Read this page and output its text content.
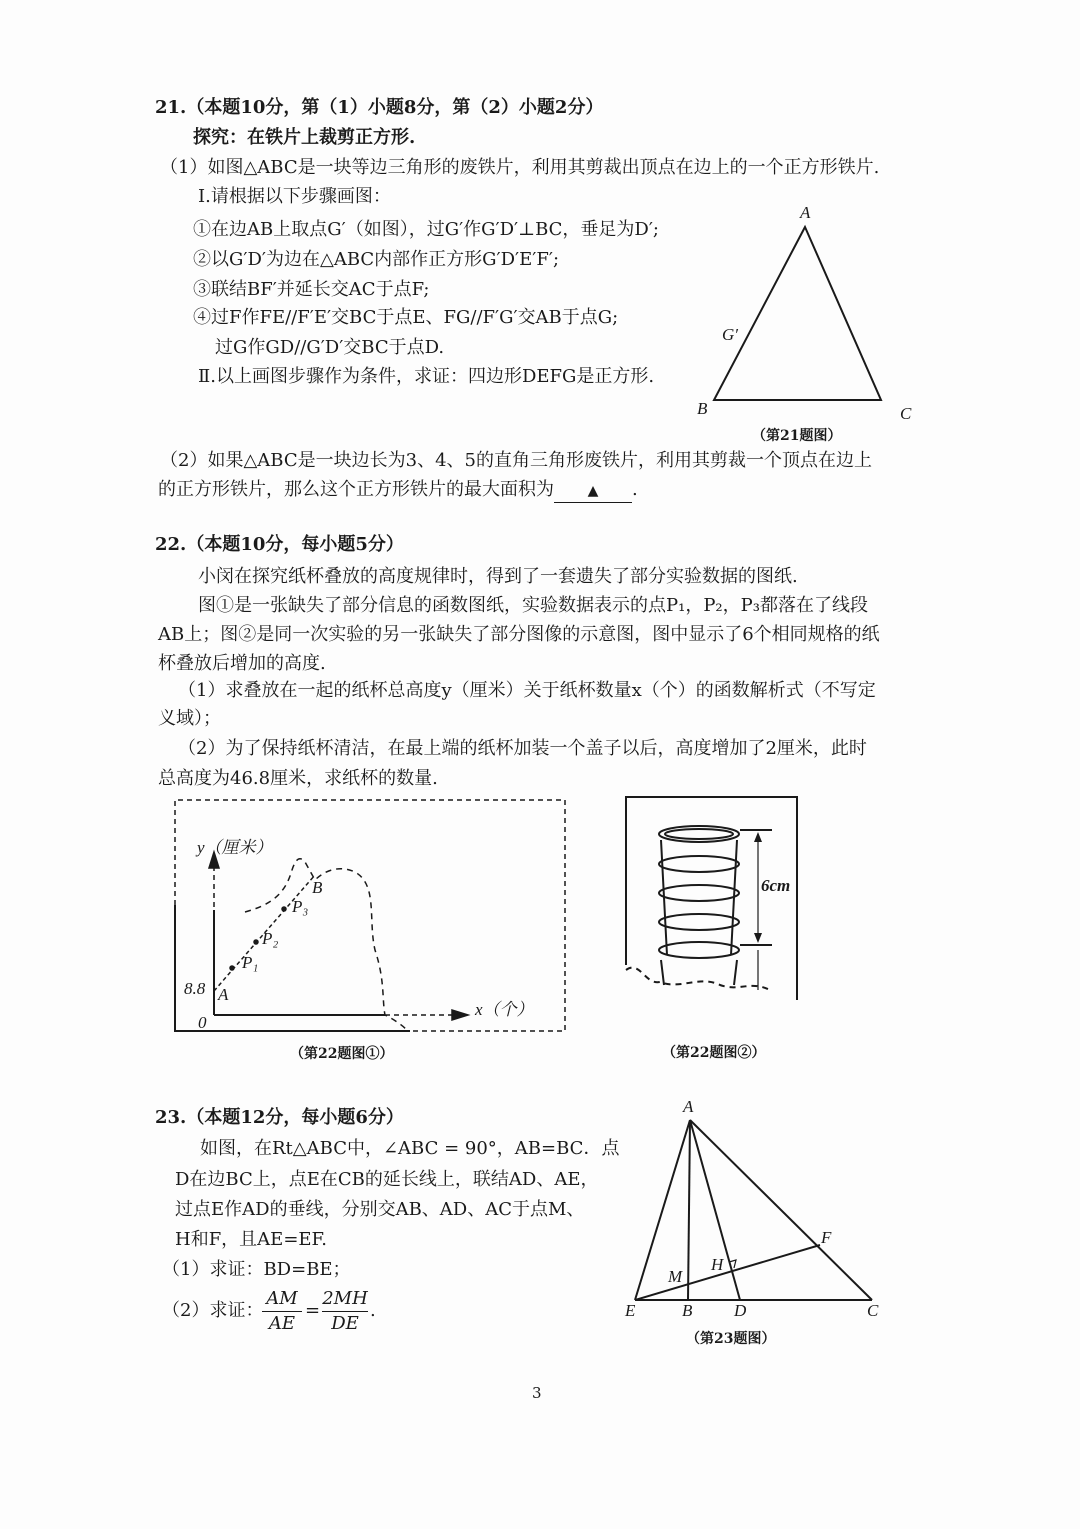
21.（本题10分，第（1）小题8分，第（2）小题2分）
探究：在铁片上裁剪正方形.
（1）如图△ABC是一块等边三角形的废铁片，利用其剪裁出顶点在边上的一个正方形铁片.
Ⅰ.请根据以下步骤画图：
①在边AB上取点G′（如图），过G′作G′D′⊥BC，垂足为D′;
②以G′D′为边在△ABC内部作正方形G′D′E′F′;
③联结BF′并延长交AC于点F;
④过F作FE//F′E′交BC于点E、FG//F′G′交AB于点G;
过G作GD//G′D′交BC于点D.
Ⅱ.以上画图步骤作为条件，求证：四边形DEFG是正方形.
（第21题图）
（2）如果△ABC是一块边长为3、4、5的直角三角形废铁片，利用其剪裁一个顶点在边上
的正方形铁片，那么这个正方形铁片的最大面积为 ▲ .
22.（本题10分，每小题5分）
小闵在探究纸杯叠放的高度规律时，得到了一套遗失了部分实验数据的图纸.
图①是一张缺失了部分信息的函数图纸，实验数据表示的点P₁，P₂，P₃都落在了线段
AB上；图②是同一次实验的另一张缺失了部分图像的示意图，图中显示了6个相同规格的纸
杯叠放后增加的高度.
（1）求叠放在一起的纸杯总高度y（厘米）关于纸杯数量x（个）的函数解析式（不写定
义域）；
（2）为了保持纸杯清洁，在最上端的纸杯加装一个盖子以后，高度增加了2厘米，此时
总高度为46.8厘米，求纸杯的数量.
（第22题图①）	（第22题图②）
23.（本题12分，每小题6分）
如图，在Rt△ABC中，∠ABC = 90°，AB=BC．点
D在边BC上，点E在CB的延长线上，联结AD、AE，
过点E作AD的垂线，分别交AB、AD、AC于点M、
H和F，且AE=EF.
（1）求证：BD=BE；
（2）求证：
$\frac{AM}{AE} = \frac{2MH}{DE}$ .
（第23题图）
3
A
B	C
G′
y（厘米）
x（个）
0
8.8 A
B
P₁
P₂
P₃
6cm
A
E	B D	C
F
H
M
